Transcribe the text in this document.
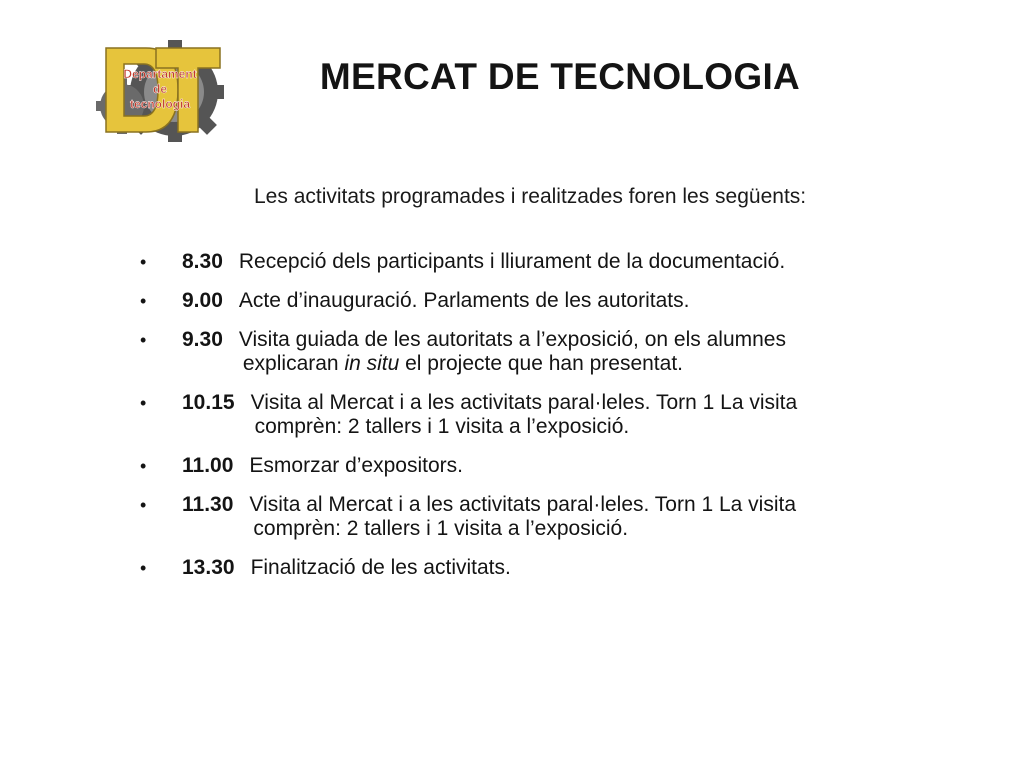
Departament
de
tecnologia
MERCAT DE TECNOLOGIA
Les activitats programades i realitzades foren les següents:
•	8.30 Recepció dels participants i lliurament de la documentació.
•	9.00 Acte d’inauguració. Parlaments de les autoritats.
•	9.30 Visita guiada de les autoritats a l’exposició, on els alumnes
explicaran in situ el projecte que han presentat.
•	10.15 Visita al Mercat i a les activitats paral·leles. Torn 1 La visita
comprèn: 2 tallers i 1 visita a l’exposició.
•	11.00 Esmorzar d’expositors.
•	11.30 Visita al Mercat i a les activitats paral·leles. Torn 1 La visita
comprèn: 2 tallers i 1 visita a l’exposició.
•	13.30 Finalització de les activitats.
